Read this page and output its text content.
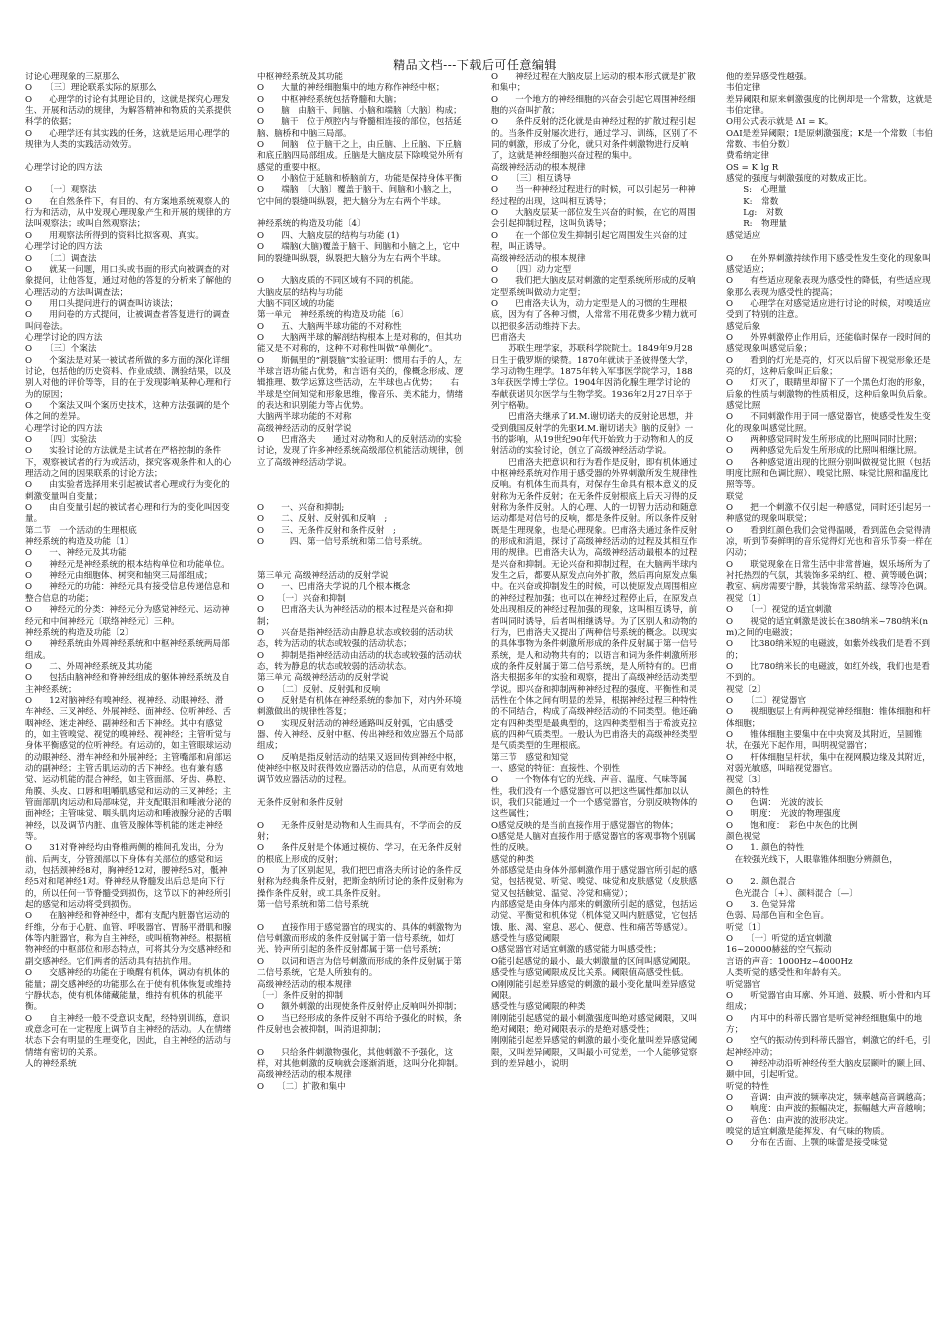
精品文档---下载后可任意编辑
讨论心理现象的三原那么
O　　〔三〕理论联系实际的原那么
O　　心理学的讨论有其理论目的，这就是探究心理发生、开展和活动的规律，为解答精神和物质的关系提供科学的依据；
O　　心理学还有其实践的任务，这就是运用心理学的规律为人类的实践活动效劳。
心理学讨论的四方法
O　　〔一〕观察法
O　　在自然条件下，有目的、有方案地系统观察人的行为和活动，从中发现心理现象产生和开展的规律的方法叫观察法；或叫自然观察法；
O　　用观察法所得到的资料比拟客观、真实。
心理学讨论的四方法
O　　〔二〕调查法
O　　就某一问题，用口头或书面的形式向被调查的对象提问，让他答复，通过对他的答复的分析来了解他的心理活动的方法叫调查法；
O　　用口头提问进行的调查叫访谈法；
O　　用问卷的方式提问，让被调查者答复进行的调查叫问卷法。
心理学讨论的四方法
O　　〔三〕个案法
O　　个案法是对某一被试者所做的多方面的深化详细讨论，包括他的历史资料、作业成绩、测验结果，以及别人对他的评价等等，目的在于发现影响某种心理和行为的原因；
O　　个案法又叫个案历史技术，这种方法强调的是个体之间的差异。
心理学讨论的四方法
O　　〔四〕实验法
O　　实验讨论的方法就是主试者在严格控制的条件下，观察被试者的行为或活动，探究客观条件和人的心理活动之间的因果联系的讨论方法；
O　　由实验者选择用来引起被试者心理或行为变化的刺激变量叫自变量；
O　　由自变量引起的被试者心理和行为的变化叫因变量。
第二节　一个活动的生理根底
神经系统的构造及功能〔1〕
O　　一、神经元及其功能
O　　神经元是神经系统的根本结构单位和功能单位。
O　　神经元由细胞体、树突和轴突三局部组成；
O　　神经元的功能：神经元具有接受信息传递信息和整合信息的功能；
O　　神经元的分类：神经元分为感觉神经元、运动神经元和中间神经元〔联络神经元〕三种。
神经系统的构造及功能〔2〕
O　　神经系统由外周神经系统和中枢神经系统两局部组成。
O　　二、外周神经系统及其功能
O　　包括由脑神经和脊神经组成的躯体神经系统及自主神经系统；
O　　12对脑神经有嗅神经、视神经、动眼神经、滑车神经、三叉神经、外展神经、面神经、位听神经、舌咽神经、迷走神经、副神经和舌下神经。其中有感觉的，如主管嗅觉、视觉的嗅神经、视神经；主管听觉与身体平衡感觉的位听神经。有运动的，如主管眼球运动的动眼神经、滑车神经和外展神经；主管嘴部和肩部运动的副神经；主管舌肌运动的舌下神经。也有兼有感觉、运动机能的混合神经，如主管面部、牙齿、鼻腔、角膜、头皮、口唇和咀嚼肌感觉和运动的三叉神经；主管面部肌肉运动和局部味觉，并支配眼泪和唾液分泌的面神经；主管味觉、咽头肌肉运动和唾液腺分泌的舌咽神经，以及调节内脏、血管及腺体等机能的迷走神经等。
O　　31对脊神经均由脊椎两侧的椎间孔发出，分为前、后两支，分管颈部以下身体有关部位的感觉和运动，包括颈神经8对，胸神经12对，腰神经5对，骶神经5对和尾神经1对。脊神经从脊髓发出后总是向下行的，所以任何一节脊髓受到损伤，这节以下的神经所引起的感觉和运动将受到损伤。
O　　在脑神经和脊神经中，都有支配内脏器官运动的纤维，分布于心脏、血管、呼吸器官、胃肠平滑肌和腺体等内脏器官，称为自主神经，或叫植物神经。根据植物神经的中枢部位和形态特点，可将其分为交感神经和副交感神经。它们两者的活动具有拮抗作用。
O　　交感神经的功能在于唤醒有机体，调动有机体的能量；副交感神经的功能那么在于使有机体恢复或维持宁静状态，使有机体储藏能量，维持有机体的机能平衡。
O　　自主神经一般不受意识支配，经特别训练，意识或意念可在一定程度上调节自主神经的活动。人在情绪状态下会有明显的生理变化，因此，自主神经的活动与情绪有密切的关系。
人的神经系统
中枢神经系统及其功能
O　　大量的神经细胞集中的地方称作神经中枢；
O　　中枢神经系统包括脊髓和大脑；
O　　脑　由脑干、间脑、小脑和端脑〔大脑〕构成；
O　　脑干　位于颅腔内与脊髓相连接的部位，包括延脑、脑桥和中脑三局部。
O　　间脑　位于脑干之上，由丘脑、上丘脑、下丘脑和底丘脑四局部组成。丘脑是大脑皮层下除嗅觉外所有感觉的重要中枢。
O　　小脑位于延脑和桥脑前方，功能是保持身体平衡
O　　端脑　〔大脑〕覆盖于脑干、间脑和小脑之上，它中间的裂缝叫纵裂，把大脑分为左右两个半球。
神经系统的构造及功能〔4〕
O　　四、大脑皮层的结构与功能 (1)
O　　端脑(大脑)覆盖于脑干、间脑和小脑之上，它中间的裂缝叫纵裂，纵裂把大脑分为左右两个半球。
O　　大脑皮质的不同区域有不同的机能。
大脑皮层的结构与功能
大脑不同区域的功能
第一单元　神经系统的构造及功能〔6〕
O　　五、大脑两半球功能的不对称性
O　　大脑两半球的解剖结构根本上是对称的，但其功能又是不对称的，这种不对称性叫做“单侧化”。
O　　斯佩里的“割裂脑”实验证明：惯用右手的人，左半球言语功能占优势，和言语有关的，像概念形成、逻辑推理、数学运算这些活动，左半球也占优势；　　右半球是空间知觉和形象思维，像音乐、美术能力，情绪的表达和识别能力等占优势。
大脑两半球功能的不对称
高级神经活动的反射学说
O　　巴甫洛夫　　通过对动物和人的反射活动的实验讨论，发现了许多神经系统高级部位机能活动规律，创立了高级神经活动学说。
O　　一、兴奋和抑制;
O　　二、反射、反射弧和反响　;
O　　三、无条件反射和条件反射　;
O　　　四、第一信号系统和第二信号系统。
第三单元 高级神经活动的反射学说
O　　一、巴甫洛夫学说的几个根本概念
O　　〔一〕兴奋和抑制
O　　巴甫洛夫认为神经活动的根本过程是兴奋和抑制；
O　　兴奋是指神经活动由静息状态或较弱的活动状态，转为活动的状态或较强的活动状态；
O　　抑制是指神经活动由活动的状态或较强的活动状态，转为静息的状态或较弱的活动状态。
第三单元 高级神经活动的反射学说
O　　〔二〕反射、反射弧和反响
O　　反射是有机体在神经系统的参加下，对内外环境刺激做出的规律性答复；
O　　实现反射活动的神经通路叫反射弧，它由感受器、传入神经、反射中枢、传出神经和效应器五个局部组成；
O　　反响是指反射活动的结果又返回传到神经中枢，使神经中枢及时获得效应器活动的信息，从而更有效地调节效应器活动的过程。
无条件反射和条件反射
O　　无条件反射是动物和人生而具有，不学而会的反射；
O　　条件反射是个体通过模仿、学习，在无条件反射的根底上形成的反射；
O　　为了区别起见，我们把巴甫洛夫所讨论的条件反射称为经典条件反射，把斯金纳所讨论的条件反射称为操作条件反射，或工具条件反射。
第一信号系统和第二信号系统
O　　直接作用于感觉器官的现实的、具体的刺激物为信号刺激而形成的条件反射属于第一信号系统，如灯光、铃声所引起的条件反射都属于第一信号系统；
O　　以词和语言为信号刺激而形成的条件反射属于第二信号系统，它是人所独有的。
高级神经活动的根本规律
〔一〕条件反射的抑制
O　　额外刺激的出现使条件反射停止反响叫外抑制；
O　　当已经形成的条件反射不再给予强化的时候，条件反射也会被抑制，叫消退抑制；
O　　只给条件刺激物强化，其他刺激不予强化，这样，对其他刺激的反响就会逐渐消逝，这叫分化抑制。
高级神经活动的根本规律
O　　〔二〕扩散和集中
O　　神经过程在大脑皮层上运动的根本形式就是扩散和集中；
O　　一个地方的神经细胞的兴奋会引起它周围神经细胞的兴奋叫扩散；
O　　条件反射的泛化就是由神经过程的扩散过程引起的。当条件反射屡次进行，通过学习、训练，区别了不同的刺激，形成了分化，就只对条件刺激物进行反响了，这就是神经细胞兴奋过程的集中。
高级神经活动的根本规律
O　　〔三〕相互诱导
O　　当一种神经过程进行的时候，可以引起另一种神经过程的出现，这叫相互诱导；
O　　大脑皮层某一部位发生兴奋的时候，在它的周围会引起抑制过程，这叫负诱导；
O　　在一个部位发生抑制引起它周围发生兴奋的过程，叫正诱导。
高级神经活动的根本规律
O　　〔四〕动力定型
O　　我们把大脑皮层对刺激的定型系统所形成的反响定型系统叫做动力定型；
O　　巴甫洛夫认为，动力定型是人的习惯的生理根底，因为有了各种习惯，人常常不用花费多少精力就可以把很多活动维持下去。
巴甫洛夫
　　苏联生理学家，苏联科学院院士。1849年9月28日生于俄罗斯的梁赞。1870年就读于圣彼得堡大学，学习动物生理学。1875年转入军事医学院学习，1883年获医学博士学位。1904年因消化腺生理学讨论的奉献获诺贝尔医学与生物学奖。1936年2月27日卒于列宁格勒。
　　巴甫洛夫继承了И.М.谢切诺夫的反射论思想，并受到俄国反射学的先驱И.М.谢切诺夫》脑的反射》一书的影响，从19世纪90年代开始致力于动物和人的反射活动的实验讨论，创立了高级神经活动学说。
　　巴甫洛夫把意识和行为看作是反射，即有机体通过中枢神经系统对作用于感受器的外界刺激所发生规律性反响。有机体生而具有，对保存生命具有根本意义的反射称为无条件反射；在无条件反射根底上后天习得的反射称为条件反射。人的心理、人的一切智力活动和随意运动都是对信号的反响，都是条件反射。所以条件反射既是生理现象，也是心理现象。巴甫洛夫通过条件反射的形成和消退，探讨了高级神经活动的过程及其相互作用的规律。巴甫洛夫认为，高级神经活动最根本的过程是兴奋和抑制。无论兴奋和抑制过程，在大脑两半球内发生之后，都要从原发点向外扩散，然后再向原发点集中。在兴奋或抑制发生的时候，可以使原发点周围相应的神经过程加强；也可以在神经过程停止后，在原发点处出现相反的神经过程加强的现象，这叫相互诱导，前者叫同时诱导，后者叫相继诱导。为了区别人和动物的行为，巴甫洛夫又提出了两种信号系统的概念。以现实的具体事物为条件刺激所形成的条件反射属于第一信号系统，是人和动物共有的；以语言和词为条件刺激所形成的条件反射属于第二信号系统，是人所特有的。巴甫洛夫根据多年的实验和观察，提出了高级神经活动类型学说。即兴奋和抑制两种神经过程的强度、平衡性和灵活性在个体之间有明显的差异，根据神经过程三种特性的不同结合，构成了高级神经活动的不同类型。他还确定有四种类型是最典型的，这四种类型相当于希波克拉底的四种气质类型。一般认为巴甫洛夫的高级神经类型是气质类型的生理根底。
第三节　感觉和知觉
一、感觉的特征：直接性、个别性
O　　一个物体有它的光线、声音、温度、气味等属性，我们没有一个感觉器官可以把这些属性都加以认识，我们只能通过一个一个感觉器官，分别反映物体的这些属性；
O感觉反映的是当前直接作用于感觉器官的物体；
O感觉是人脑对直接作用于感觉器官的客观事物个别属性的反映。
感觉的种类
外部感觉是由身体外部刺激作用于感觉器官所引起的感觉，包括视觉、听觉、嗅觉、味觉和皮肤感觉（皮肤感觉又包括触觉、温觉、冷觉和痛觉）；
内部感觉是由身体内部来的刺激所引起的感觉，包括运动觉、平衡觉和机体觉（机体觉又叫内脏感觉，它包括饿、胀、渴、窒息、恶心、便意、性和痛苦等感觉）。
感受性与感觉阈限
O感觉器官对适宜刺激的感觉能力叫感受性；
O能引起感觉的最小、最大刺激量的区间叫感觉阈限。
感受性与感觉阈限成反比关系。阈限值高感受性低。
O刚刚能引起差异感觉的刺激的最小变化量叫差异感觉阈限。
感受性与感觉阈限的种类
刚刚能引起感觉的最小刺激强度叫绝对感觉阈限，又叫绝对阈限；绝对阈限表示的是绝对感受性；
刚刚能引起差异感觉的刺激的最小变化量叫差异感觉阈限，又叫差异阈限，又叫最小可觉差，一个人能够觉察到的差异越小，说明
他的差异感受性越强。
韦伯定律
差异阈限和原来刺激强度的比例却是一个常数，这就是韦伯定律。
O用公式表示就是 ΔI = K。
OΔI是差异阈限；I是原刺激强度；K是一个常数〔韦伯常数、韦伯分数〕
费希纳定律
OS = K lg R
感觉的强度与刺激强度的对数成正比。
　　S:　心理量
　　K:　常数
　　Lg:　对数
　　R:　物理量
感觉适应
O　　在外界刺激持续作用下感受性发生变化的现象叫感觉适应；
O　　有些适应现象表现为感受性的降低，有些适应现象那么表现为感受性的提高；
O　　心理学在对感觉适应进行讨论的时候，对嗅适应受到了特别的注意。
感觉后象
O　　外界刺激停止作用后，还能临时保存一段时间的感觉现象叫感觉后象；
O　　看到的灯光是亮的，灯灭以后留下视觉形象还是亮的灯，这种后象叫正后象；
O　　灯灭了，眼睛里却留下了一个黑色灯泡的形象，后象的性质与刺激物的性质相反，这种后象叫负后象。
感觉比照
O　　不同刺激作用于同一感觉器官，使感受性发生变化的现象叫感觉比照。
O　　两种感觉同时发生所形成的比照叫同时比照；
O　　两种感觉先后发生所形成的比照叫相继比照。
O　　各种感觉道出现的比照分别叫做视觉比照（包括明度比照和色调比照）、嗅觉比照、味觉比照和温度比照等等。
联觉
O　　把一个刺激不仅引起一种感觉，同时还引起另一种感觉的现象叫联觉；
O　　看到红颜色我们会觉得温暖，看到蓝色会觉得清凉，听到节奏鲜明的音乐觉得灯光也和音乐节奏一样在闪动；
O　　联觉现象在日常生活中非常普遍，娱乐场所为了衬托热烈的气氛，其装饰多采纳红、橙、黄等暖色调；教室、病房需要宁静，其装饰常采纳蓝、绿等冷色调。
视觉〔1〕
O　　〔一〕视觉的适宜刺激
O　　视觉的适宜刺激是波长在380纳米~780纳米(nm)之间的电磁波；
O　　比380纳米短的电磁波，如紫外线我们是看不到的；
O　　比780纳米长的电磁波，如红外线，我们也是看不到的。
视觉〔2〕
O　　〔二〕视觉器官
O　　视细胞层上有两种视觉神经细胞：锥体细胞和杆体细胞；
O　　锥体细胞主要集中在中央窝及其附近，呈圆锥状，在强光下起作用，叫明视觉器官；
O　　杆体细胞呈杆状，集中在视网膜边缘及其附近，对弱光敏感，叫暗视觉器官。
视觉〔3〕
颜色的特性
O　　色调：　光波的波长
O　　明度：　光波的物理强度
O　　饱和度：　彩色中灰色的比例
颜色视觉
O　　1. 颜色的特性
　在较强光线下，人眼靠锥体细胞分辨颜色，
O　　2. 颜色混合
　色光混合〔+〕、颜料混合〔—〕
O　　3. 色觉异常
色弱、局部色盲和全色盲。
听觉〔1〕
O　　〔一〕听觉的适宜刺激
16~20000赫兹的空气振动
言语的声音：1000Hz~4000Hz
人类听觉的感受性和年龄有关。
听觉器官
O　　听觉器官由耳廓、外耳道、鼓膜、听小骨和内耳组成；
O　　内耳中的科蒂氏器官是听觉神经细胞集中的地方；
O　　空气的振动传到科蒂氏器官，刺激它的纤毛，引起神经冲动；
O　　神经冲动沿听神经传至大脑皮层颞叶的颞上回、颞中回，引起听觉。
听觉的特性
O　　音调：由声波的频率决定，频率越高音调越高；
O　　响度：由声波的振幅决定，振幅越大声音越响；
O　　音色：由声波的波形决定。
嗅觉的适宜刺激是能挥发、有气味的物质。
O　　分布在舌面、上颚的味蕾是接受味觉
